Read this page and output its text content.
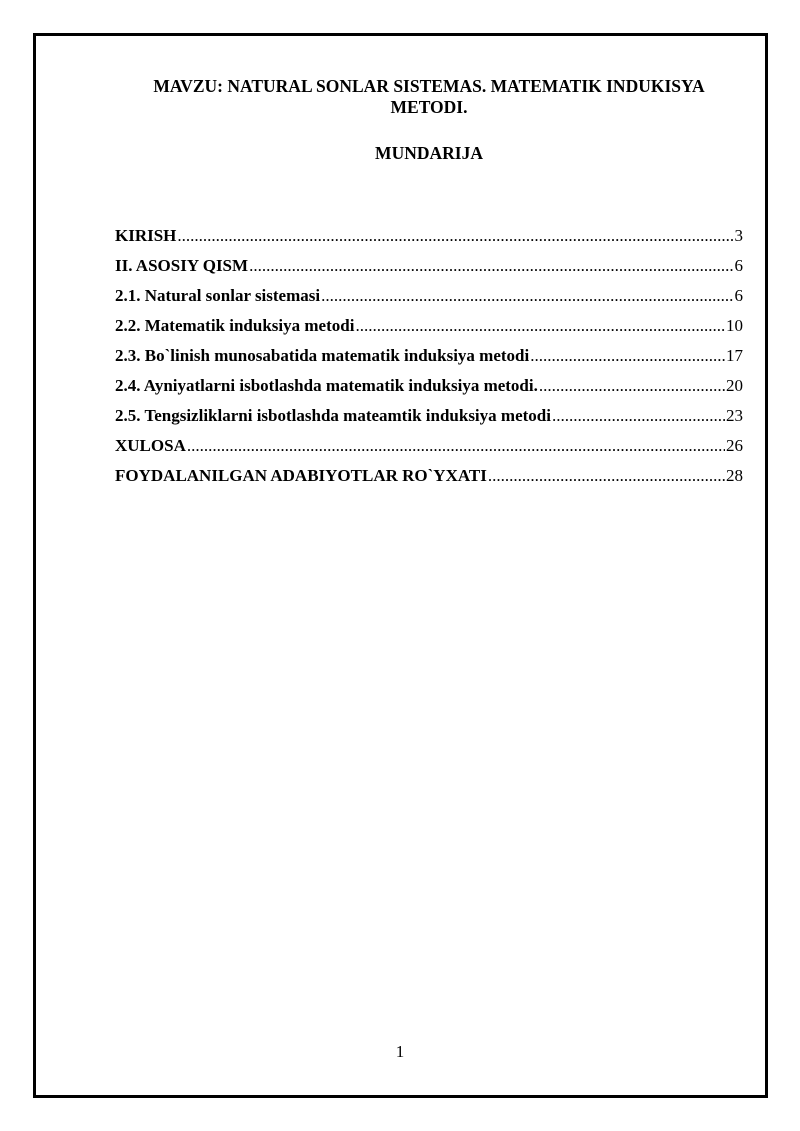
MAVZU: NATURAL SONLAR SISTEMAS. MATEMATIK INDUKISYA METODI.
MUNDARIJA
KIRISH .....	3
II. ASOSIY QISM .....	6
2.1. Natural sonlar sistemasi .....	6
2.2. Matematik induksiya metodi .....	10
2.3. Bo`linish munosabatida matematik induksiya metodi .....	17
2.4. Ayniyatlarni isbotlashda matematik induksiya metodi. .....	20
2.5. Tengsizliklarni isbotlashda mateamtik induksiya metodi .....	23
XULOSA .....	26
FOYDALANILGAN ADABIYOTLAR RO`YXATI .....	28
1
